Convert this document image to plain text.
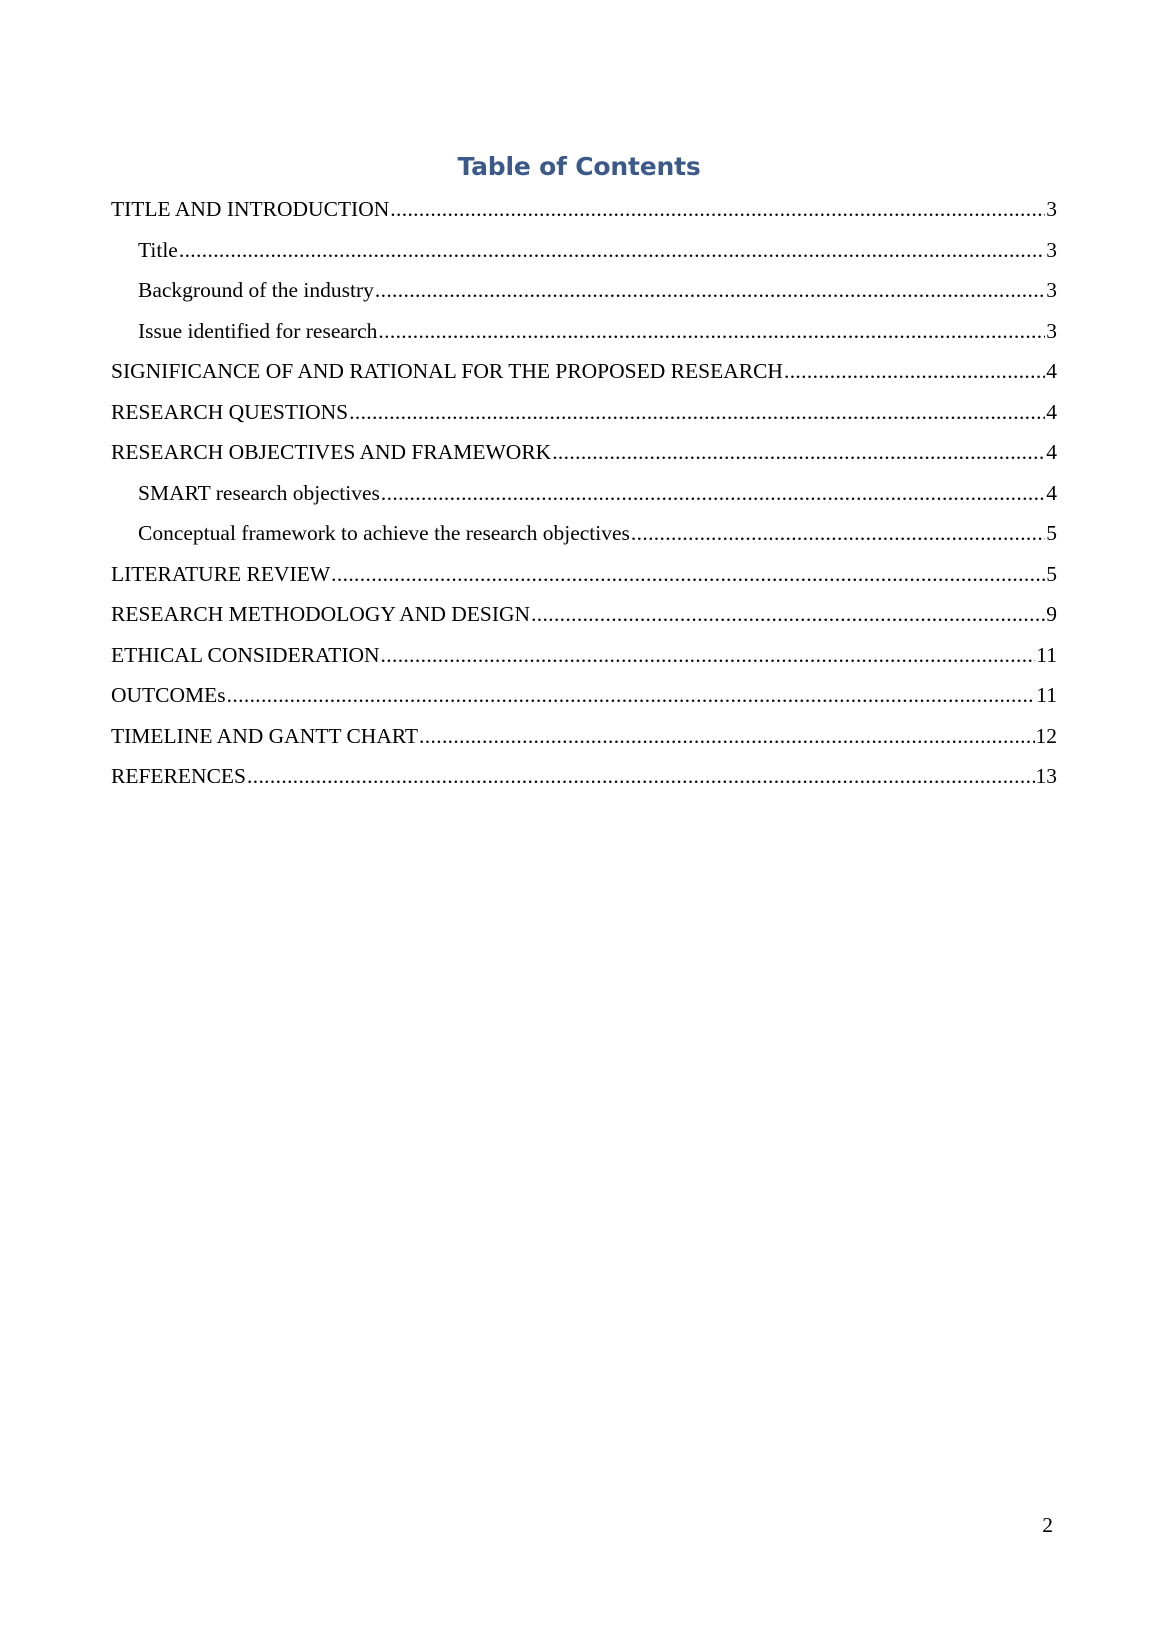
Table of Contents
TITLE AND INTRODUCTION .....	3
Title .....	3
Background of the industry .....	3
Issue identified for research .....	3
SIGNIFICANCE OF AND RATIONAL FOR THE PROPOSED RESEARCH .....	4
RESEARCH QUESTIONS .....	4
RESEARCH OBJECTIVES AND FRAMEWORK .....	4
SMART research objectives .....	4
Conceptual framework to achieve the research objectives .....	5
LITERATURE REVIEW .....	5
RESEARCH METHODOLOGY AND DESIGN .....	9
ETHICAL CONSIDERATION .....	11
OUTCOMEs .....	11
TIMELINE AND GANTT CHART .....	12
REFERENCES .....	13
2
